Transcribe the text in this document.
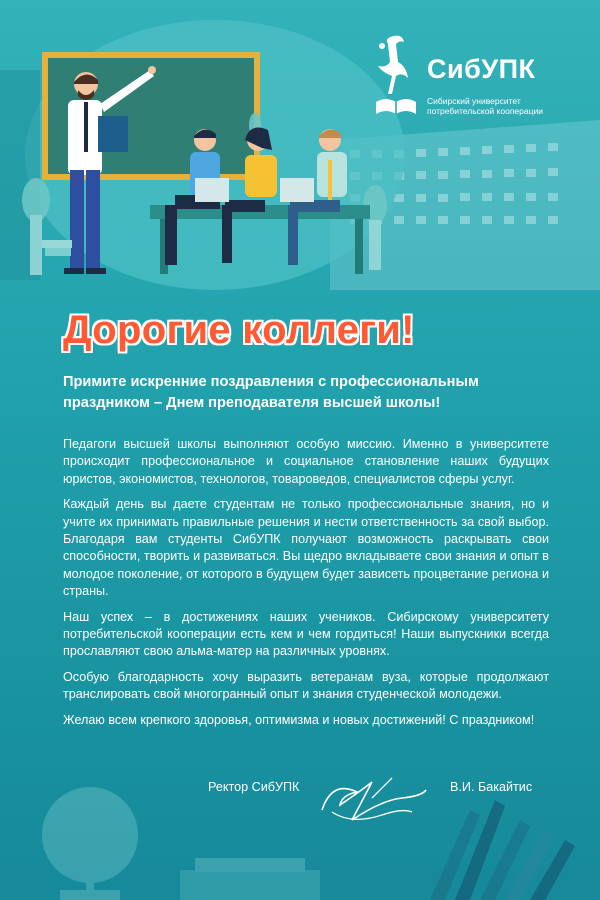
СибУПК
Сибирский университет
потребительской кооперации
Дорогие коллеги!
Примите искренние поздравления с профессиональным праздником – Днем преподавателя высшей школы!

Педагоги высшей школы выполняют особую миссию. Именно в университете происходит профессиональное и социальное становление наших будущих юристов, экономистов, технологов, товароведов, специалистов сферы услуг.

Каждый день вы даете студентам не только профессиональные знания, но и учите их принимать правильные решения и нести ответственность за свой выбор. Благодаря вам студенты СибУПК получают возможность раскрывать свои способности, творить и развиваться. Вы щедро вкладываете свои знания и опыт в молодое поколение, от которого в будущем будет зависеть процветание региона и страны.

Наш успех – в достижениях наших учеников. Сибирскому университету потребительской кооперации есть кем и чем гордиться! Наши выпускники всегда прославляют свою альма-матер на различных уровнях.

Особую благодарность хочу выразить ветеранам вуза, которые продолжают транслировать свой многогранный опыт и знания студенческой молодежи.

Желаю всем крепкого здоровья, оптимизма и новых достижений! С праздником!

Ректор СибУПК	В.И. Бакайтис
